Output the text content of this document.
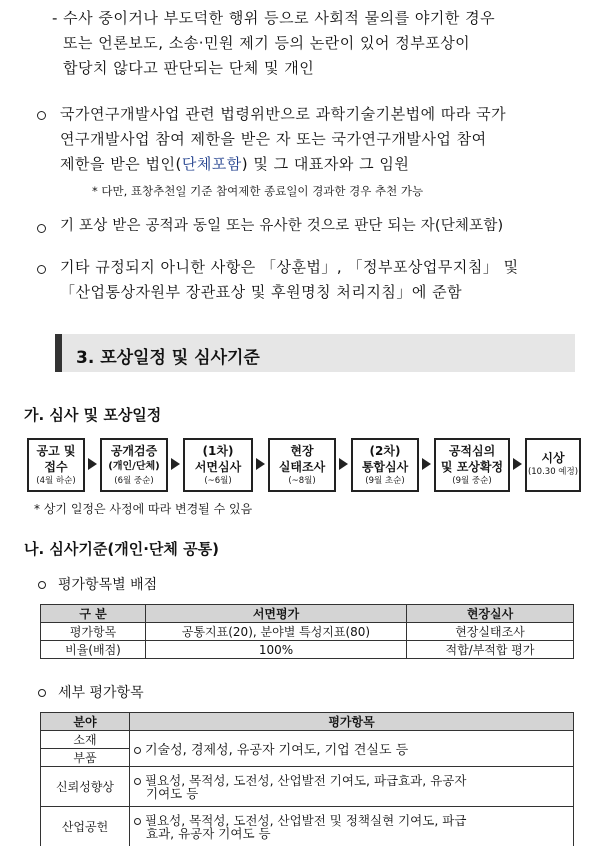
- 수사 중이거나 부도덕한 행위 등으로 사회적 물의를 야기한 경우
또는 언론보도, 소송·민원 제기 등의 논란이 있어 정부포상이
합당치 않다고 판단되는 단체 및 개인
국가연구개발사업 관련 법령위반으로 과학기술기본법에 따라 국가
연구개발사업 참여 제한을 받은 자 또는 국가연구개발사업 참여
제한을 받은 법인(단체포함) 및 그 대표자와 그 임원
* 다만, 표창추천일 기준 참여제한 종료일이 경과한 경우 추천 가능
기 포상 받은 공적과 동일 또는 유사한 것으로 판단 되는 자(단체포함)
기타 규정되지 아니한 사항은 「상훈법」, 「정부포상업무지침」 및
「산업통상자원부 장관표상 및 후원명칭 처리지침」에 준함
3. 포상일정 및 심사기준
가. 심사 및 포상일정
공고 및
접수
(4월 하순)
공개검증
(개인/단체)
(6월 중순)
(1차)
서면심사
(~6월)
현장
실태조사
(~8월)
(2차)
통합심사
(9월 초순)
공적심의
및 포상확정
(9월 중순)
시상
(10.30 예정)
* 상기 일정은 사정에 따라 변경될 수 있음
나. 심사기준(개인·단체 공통)
평가항목별 배점
구 분	서면평가	현장실사
평가항목	공통지표(20), 분야별 특성지표(80)	현장실태조사
비율(배점)	100%	적합/부적합 평가
세부 평가항목
분야	평가항목
소재	기술성, 경제성, 유공자 기여도, 기업 견실도 등
부품	
신뢰성향상	필요성, 목적성, 도전성, 산업발전 기여도, 파급효과, 유공자
기여도 등

산업공헌	필요성, 목적성, 도전성, 산업발전 및 정책실현 기여도, 파급
효과, 유공자 기여도 등
